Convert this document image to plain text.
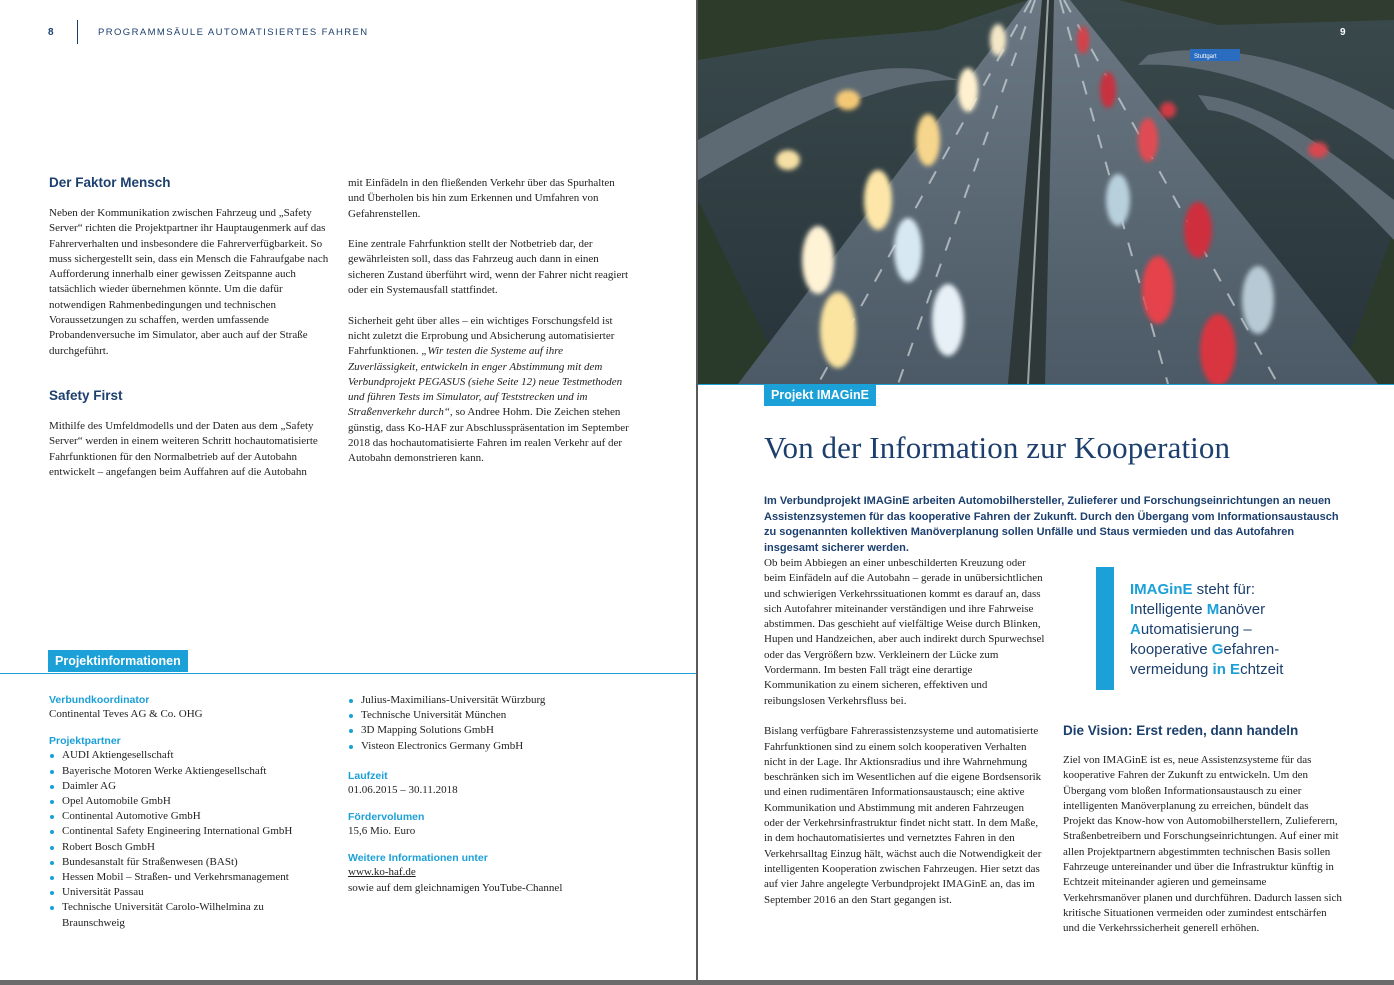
8	PROGRAMMSÄULE AUTOMATISIERTES FAHREN
Der Faktor Mensch

Neben der Kommunikation zwischen Fahrzeug und „Safety Server“ richten die Projektpartner ihr Hauptaugenmerk auf das Fahrerverhalten und insbesondere die Fahrerverfügbarkeit. So muss sichergestellt sein, dass ein Mensch die Fahraufgabe nach Aufforderung innerhalb einer gewissen Zeitspanne auch tatsächlich wieder übernehmen könnte. Um die dafür notwendigen Rahmenbedingungen und technischen Voraussetzungen zu schaffen, werden umfassende Probandenversuche im Simulator, aber auch auf der Straße durchgeführt.

Safety First

Mithilfe des Umfeldmodells und der Daten aus dem „Safety Server“ werden in einem weiteren Schritt hochautomatisierte Fahrfunktionen für den Normalbetrieb auf der Autobahn entwickelt – angefangen beim Auffahren auf die Autobahn

mit Einfädeln in den fließenden Verkehr über das Spurhalten und Überholen bis hin zum Erkennen und Umfahren von Gefahrenstellen.

Eine zentrale Fahrfunktion stellt der Notbetrieb dar, der gewährleisten soll, dass das Fahrzeug auch dann in einen sicheren Zustand überführt wird, wenn der Fahrer nicht reagiert oder ein Systemausfall stattfindet.

Sicherheit geht über alles – ein wichtiges Forschungsfeld ist nicht zuletzt die Erprobung und Absicherung automatisierter Fahrfunktionen. „Wir testen die Systeme auf ihre Zuverlässigkeit, entwickeln in enger Abstimmung mit dem Verbundprojekt PEGASUS (siehe Seite 12) neue Testmethoden und führen Tests im Simulator, auf Teststrecken und im Straßenverkehr durch“, so Andree Hohm. Die Zeichen stehen günstig, dass Ko-HAF zur Abschlusspräsentation im September 2018 das hochautomatisierte Fahren im realen Verkehr auf der Autobahn demonstrieren kann.

Projektinformationen
Verbundkoordinator
Continental Teves AG & Co. OHG
Projektpartner
AUDI Aktiengesellschaft
Bayerische Motoren Werke Aktiengesellschaft
Daimler AG
Opel Automobile GmbH
Continental Automotive GmbH
Continental Safety Engineering International GmbH
Robert Bosch GmbH
Bundesanstalt für Straßenwesen (BASt)
Hessen Mobil – Straßen- und Verkehrsmanagement
Universität Passau
Technische Universität Carolo-Wilhelmina zu Braunschweig
Julius-Maximilians-Universität Würzburg
Technische Universität München
3D Mapping Solutions GmbH
Visteon Electronics Germany GmbH
Laufzeit
01.06.2015 – 30.11.2018
Fördervolumen
15,6 Mio. Euro
Weitere Informationen unter
www.ko-haf.de
sowie auf dem gleichnamigen YouTube-Channel
Stuttgart
9
Projekt IMAGinE
Von der Information zur Kooperation
Im Verbundprojekt IMAGinE arbeiten Automobilhersteller, Zulieferer und Forschungseinrichtungen an neuen Assistenzsystemen für das kooperative Fahren der Zukunft. Durch den Übergang vom Informationsaustausch zu sogenannten kollektiven Manöverplanung sollen Unfälle und Staus vermieden und das Autofahren insgesamt sicherer werden.

Ob beim Abbiegen an einer unbeschilderten Kreuzung oder beim Einfädeln auf die Autobahn – gerade in unübersichtlichen und schwierigen Verkehrssituationen kommt es darauf an, dass sich Autofahrer miteinander verständigen und ihre Fahrweise abstimmen. Das geschieht auf vielfältige Weise durch Blinken, Hupen und Handzeichen, aber auch indirekt durch Spurwechsel oder das Vergrößern bzw. Verkleinern der Lücke zum Vordermann. Im besten Fall trägt eine derartige Kommunikation zu einem sicheren, effektiven und reibungslosen Verkehrsfluss bei.

Bislang verfügbare Fahrerassistenzsysteme und automatisierte Fahrfunktionen sind zu einem solch kooperativen Verhalten nicht in der Lage. Ihr Aktionsradius und ihre Wahrnehmung beschränken sich im Wesentlichen auf die eigene Bordsensorik und einen rudimentären Informationsaustausch; eine aktive Kommunikation und Abstimmung mit anderen Fahrzeugen oder der Verkehrsinfrastruktur findet nicht statt. In dem Maße, in dem hochautomatisiertes und vernetztes Fahren in den Verkehrsalltag Einzug hält, wächst auch die Notwendigkeit der intelligenten Kooperation zwischen Fahrzeugen. Hier setzt das auf vier Jahre angelegte Verbundprojekt IMAGinE an, das im September 2016 an den Start gegangen ist.

IMAGinE steht für:
Intelligente Manöver
Automatisierung –
kooperative Gefahren-
vermeidung in Echtzeit
Die Vision: Erst reden, dann handeln

Ziel von IMAGinE ist es, neue Assistenzsysteme für das kooperative Fahren der Zukunft zu entwickeln. Um den Übergang vom bloßen Informationsaustausch zu einer intelligenten Manöverplanung zu erreichen, bündelt das Projekt das Know-how von Automobilherstellern, Zulieferern, Straßenbetreibern und Forschungseinrichtungen. Auf einer mit allen Projektpartnern abgestimmten technischen Basis sollen Fahrzeuge untereinander und über die Infrastruktur künftig in Echtzeit miteinander agieren und gemeinsame Verkehrsmanöver planen und durchführen. Dadurch lassen sich kritische Situationen vermeiden oder zumindest entschärfen und die Verkehrssicherheit generell erhöhen.
